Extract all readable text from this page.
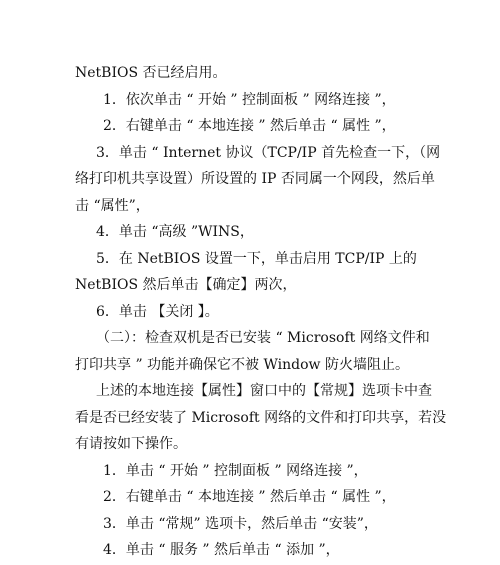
NetBIOS 否已经启用。
1．依次单击 “ 开始 ” 控制面板 ” 网络连接 ”，
2．右键单击 “ 本地连接 ” 然后单击 “ 属性 ”，
3．单击 “ Internet 协议（TCP/IP 首先检查一下，（网
络打印机共享设置）所设置的 IP 否同属一个网段，然后单
击 “属性”，
4．单击 “高级 ”WINS，
5．在 NetBIOS 设置一下，单击启用 TCP/IP 上的
NetBIOS 然后单击【确定】两次，
6．单击 【关闭 】。
（二）：检查双机是否已安装 “ Microsoft 网络文件和
打印共享 ” 功能并确保它不被 Window 防火墙阻止。
上述的本地连接【属性】窗口中的【常规】选项卡中查
看是否已经安装了 Microsoft 网络的文件和打印共享，若没
有请按如下操作。
1．单击 “ 开始 ” 控制面板 ” 网络连接 ”，
2．右键单击 “ 本地连接 ” 然后单击 “ 属性 ”，
3．单击 “常规” 选项卡，然后单击 “安装”，
4．单击 “ 服务 ” 然后单击 “ 添加 ”，
